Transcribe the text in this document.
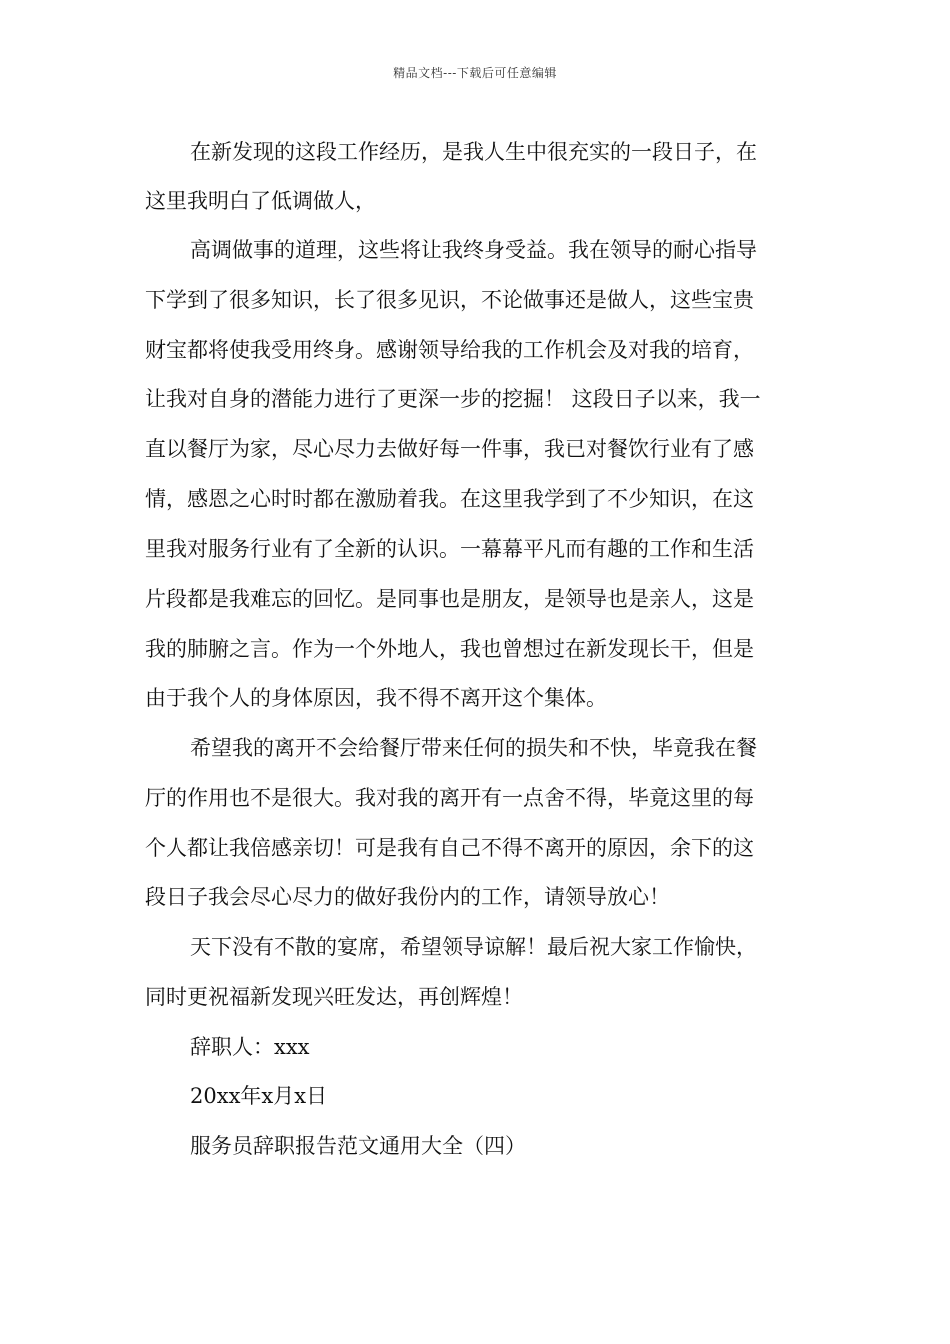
精品文档---下载后可任意编辑
在新发现的这段工作经历，是我人生中很充实的一段日子，在
这里我明白了低调做人，
高调做事的道理，这些将让我终身受益。我在领导的耐心指导
下学到了很多知识，长了很多见识，不论做事还是做人，这些宝贵
财宝都将使我受用终身。感谢领导给我的工作机会及对我的培育，
让我对自身的潜能力进行了更深一步的挖掘！ 这段日子以来，我一
直以餐厅为家，尽心尽力去做好每一件事，我已对餐饮行业有了感
情，感恩之心时时都在激励着我。在这里我学到了不少知识，在这
里我对服务行业有了全新的认识。一幕幕平凡而有趣的工作和生活
片段都是我难忘的回忆。是同事也是朋友，是领导也是亲人，这是
我的肺腑之言。作为一个外地人，我也曾想过在新发现长干，但是
由于我个人的身体原因，我不得不离开这个集体。
希望我的离开不会给餐厅带来任何的损失和不快，毕竟我在餐
厅的作用也不是很大。我对我的离开有一点舍不得，毕竟这里的每
个人都让我倍感亲切！可是我有自己不得不离开的原因，余下的这
段日子我会尽心尽力的做好我份内的工作，请领导放心！
天下没有不散的宴席，希望领导谅解！最后祝大家工作愉快，
同时更祝福新发现兴旺发达，再创辉煌！
辞职人：xxx
20xx年x月x日
服务员辞职报告范文通用大全（四）
